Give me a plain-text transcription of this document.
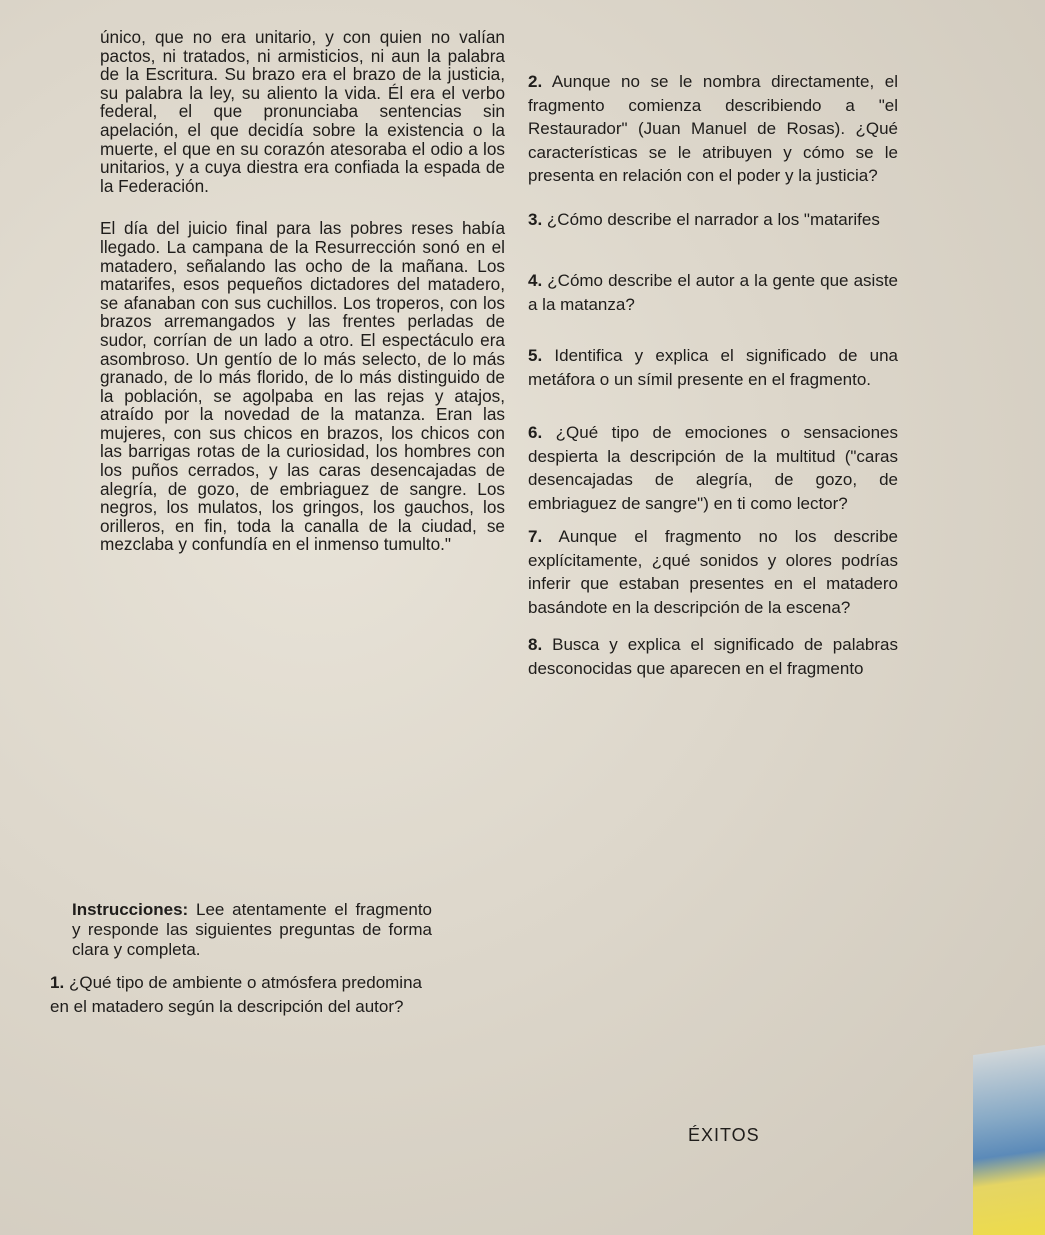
único, que no era unitario, y con quien no valían pactos, ni tratados, ni armisticios, ni aun la palabra de la Escritura. Su brazo era el brazo de la justicia, su palabra la ley, su aliento la vida. Él era el verbo federal, el que pronunciaba sentencias sin apelación, el que decidía sobre la existencia o la muerte, el que en su corazón atesoraba el odio a los unitarios, y a cuya diestra era confiada la espada de la Federación.

El día del juicio final para las pobres reses había llegado. La campana de la Resurrección sonó en el matadero, señalando las ocho de la mañana. Los matarifes, esos pequeños dictadores del matadero, se afanaban con sus cuchillos. Los troperos, con los brazos arremangados y las frentes perladas de sudor, corrían de un lado a otro. El espectáculo era asombroso. Un gentío de lo más selecto, de lo más granado, de lo más florido, de lo más distinguido de la población, se agolpaba en las rejas y atajos, atraído por la novedad de la matanza. Eran las mujeres, con sus chicos en brazos, los chicos con las barrigas rotas de la curiosidad, los hombres con los puños cerrados, y las caras desencajadas de alegría, de gozo, de embriaguez de sangre. Los negros, los mulatos, los gringos, los gauchos, los orilleros, en fin, toda la canalla de la ciudad, se mezclaba y confundía en el inmenso tumulto."

2. Aunque no se le nombra directamente, el fragmento comienza describiendo a "el Restaurador" (Juan Manuel de Rosas). ¿Qué características se le atribuyen y cómo se le presenta en relación con el poder y la justicia?

3. ¿Cómo describe el narrador a los "matarifes

4. ¿Cómo describe el autor a la gente que asiste a la matanza?

5. Identifica y explica el significado de una metáfora o un símil presente en el fragmento.

6. ¿Qué tipo de emociones o sensaciones despierta la descripción de la multitud ("caras desencajadas de alegría, de gozo, de embriaguez de sangre") en ti como lector?

7. Aunque el fragmento no los describe explícitamente, ¿qué sonidos y olores podrías inferir que estaban presentes en el matadero basándote en la descripción de la escena?

8. Busca y explica el significado de palabras desconocidas que aparecen en el fragmento

Instrucciones: Lee atentamente el fragmento y responde las siguientes preguntas de forma clara y completa.
1. ¿Qué tipo de ambiente o atmósfera predomina en el matadero según la descripción del autor?
ÉXITOS
